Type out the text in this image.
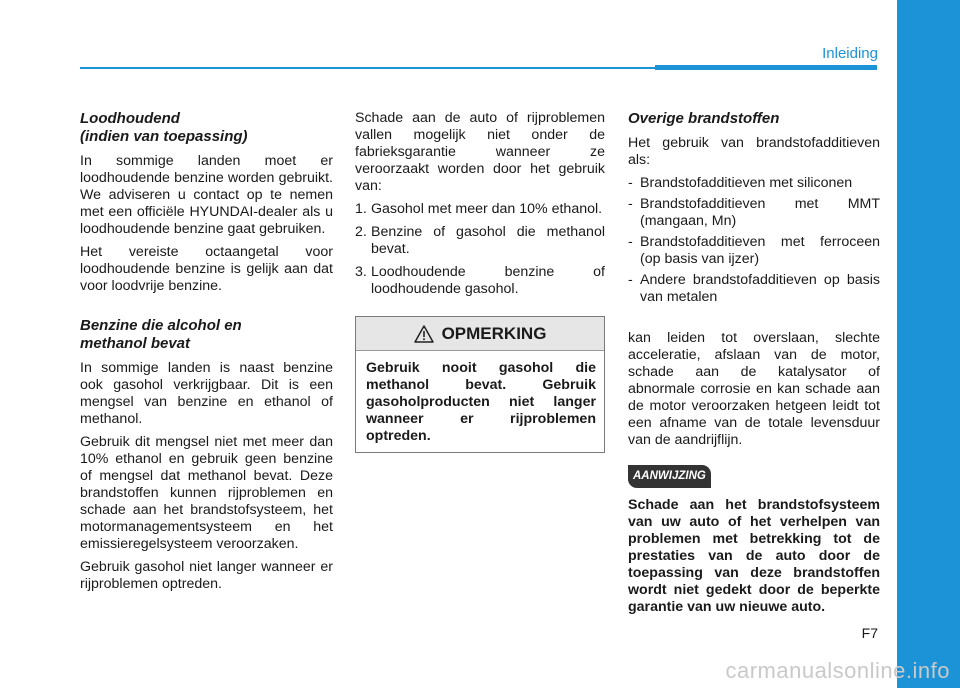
Inleiding
Loodhoudend
(indien van toepassing)

In sommige landen moet er loodhoudende benzine worden gebruikt. We adviseren u contact op te nemen met een officiële HYUNDAI-dealer als u loodhoudende benzine gaat gebruiken.

Het vereiste octaangetal voor loodhoudende benzine is gelijk aan dat voor loodvrije benzine.

Benzine die alcohol en
methanol bevat

In sommige landen is naast benzine ook gasohol verkrijgbaar. Dit is een mengsel van benzine en ethanol of methanol.

Gebruik dit mengsel niet met meer dan 10% ethanol en gebruik geen benzine of mengsel dat methanol bevat. Deze brandstoffen kunnen rijproblemen en schade aan het brandstofsysteem, het motormanagementsysteem en het emissieregelsysteem veroorzaken.

Gebruik gasohol niet langer wanneer er rijproblemen optreden.

Schade aan de auto of rijproblemen vallen mogelijk niet onder de fabrieksgarantie wanneer ze veroorzaakt worden door het gebruik van:

1. Gasohol met meer dan 10% ethanol.
2. Benzine of gasohol die methanol bevat.
3. Loodhoudende benzine of loodhoudende gasohol.
OPMERKING
Gebruik nooit gasohol die methanol bevat. Gebruik gasoholproducten niet langer wanneer er rijproblemen optreden.
Overige brandstoffen

Het gebruik van brandstofadditieven als:

- Brandstofadditieven met siliconen
- Brandstofadditieven met MMT (mangaan, Mn)
- Brandstofadditieven met ferroceen (op basis van ijzer)
- Andere brandstofadditieven op basis van metalen

kan leiden tot overslaan, slechte acceleratie, afslaan van de motor, schade aan de katalysator of abnormale corrosie en kan schade aan de motor veroorzaken hetgeen leidt tot een afname van de totale levensduur van de aandrijflijn.

AANWIJZING

Schade aan het brandstofsysteem van uw auto of het verhelpen van problemen met betrekking tot de prestaties van de auto door de toepassing van deze brandstoffen wordt niet gedekt door de beperkte garantie van uw nieuwe auto.

F7
carmanualsonline.info
